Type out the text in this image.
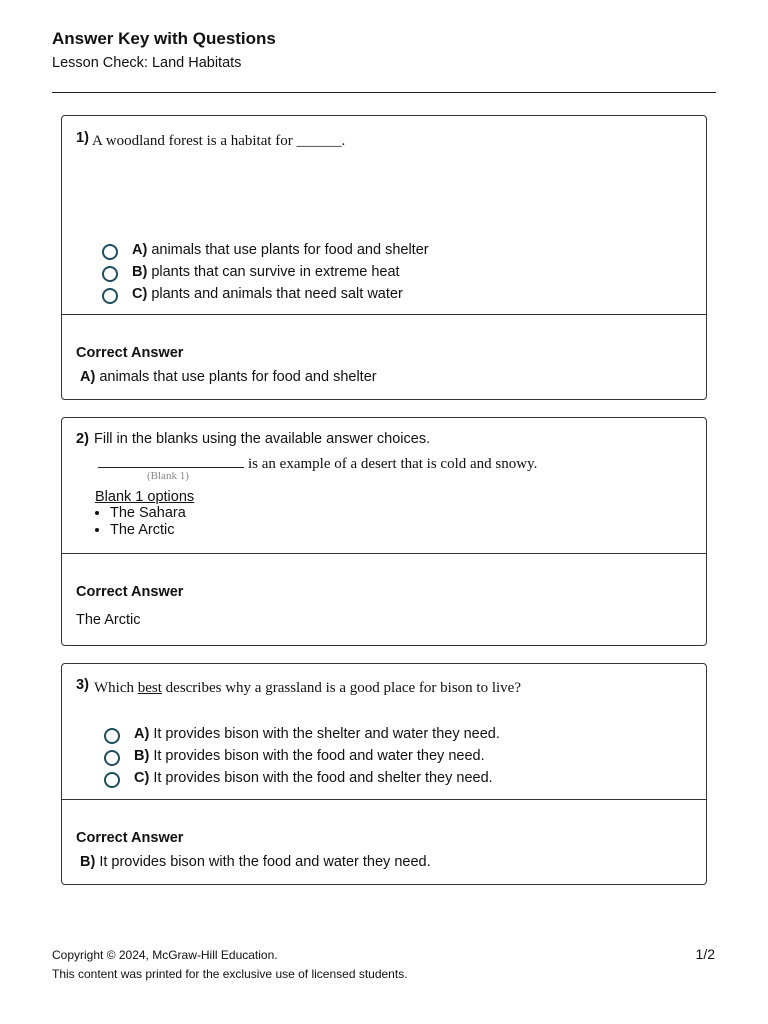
Answer Key with Questions
Lesson Check: Land Habitats
1) A woodland forest is a habitat for ______.
A) animals that use plants for food and shelter
B) plants that can survive in extreme heat
C) plants and animals that need salt water
Correct Answer
A) animals that use plants for food and shelter
2) Fill in the blanks using the available answer choices.
is an example of a desert that is cold and snowy.
(Blank 1)
Blank 1 options
• The Sahara
• The Arctic
Correct Answer
The Arctic
3) Which best describes why a grassland is a good place for bison to live?
A) It provides bison with the shelter and water they need.
B) It provides bison with the food and water they need.
C) It provides bison with the food and shelter they need.
Correct Answer
B) It provides bison with the food and water they need.
Copyright © 2024, McGraw-Hill Education.
This content was printed for the exclusive use of licensed students.
1/2
